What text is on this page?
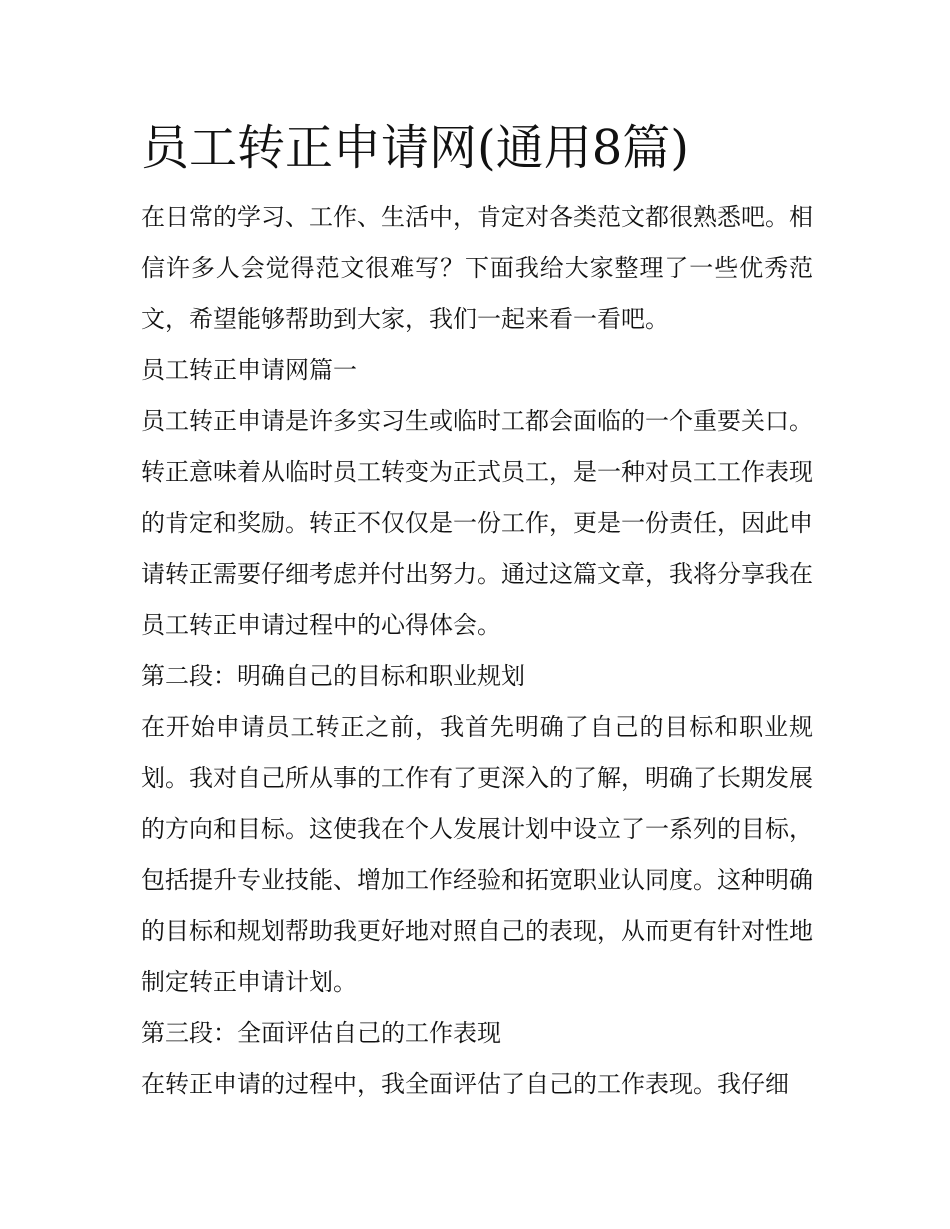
员工转正申请网(通用8篇)

在日常的学习、工作、生活中，肯定对各类范文都很熟悉吧。相信许多人会觉得范文很难写？下面我给大家整理了一些优秀范文，希望能够帮助到大家，我们一起来看一看吧。

员工转正申请网篇一

员工转正申请是许多实习生或临时工都会面临的一个重要关口。转正意味着从临时员工转变为正式员工，是一种对员工工作表现的肯定和奖励。转正不仅仅是一份工作，更是一份责任，因此申请转正需要仔细考虑并付出努力。通过这篇文章，我将分享我在员工转正申请过程中的心得体会。

第二段：明确自己的目标和职业规划

在开始申请员工转正之前，我首先明确了自己的目标和职业规划。我对自己所从事的工作有了更深入的了解，明确了长期发展的方向和目标。这使我在个人发展计划中设立了一系列的目标，包括提升专业技能、增加工作经验和拓宽职业认同度。这种明确的目标和规划帮助我更好地对照自己的表现，从而更有针对性地制定转正申请计划。

第三段：全面评估自己的工作表现

在转正申请的过程中，我全面评估了自己的工作表现。我仔细
